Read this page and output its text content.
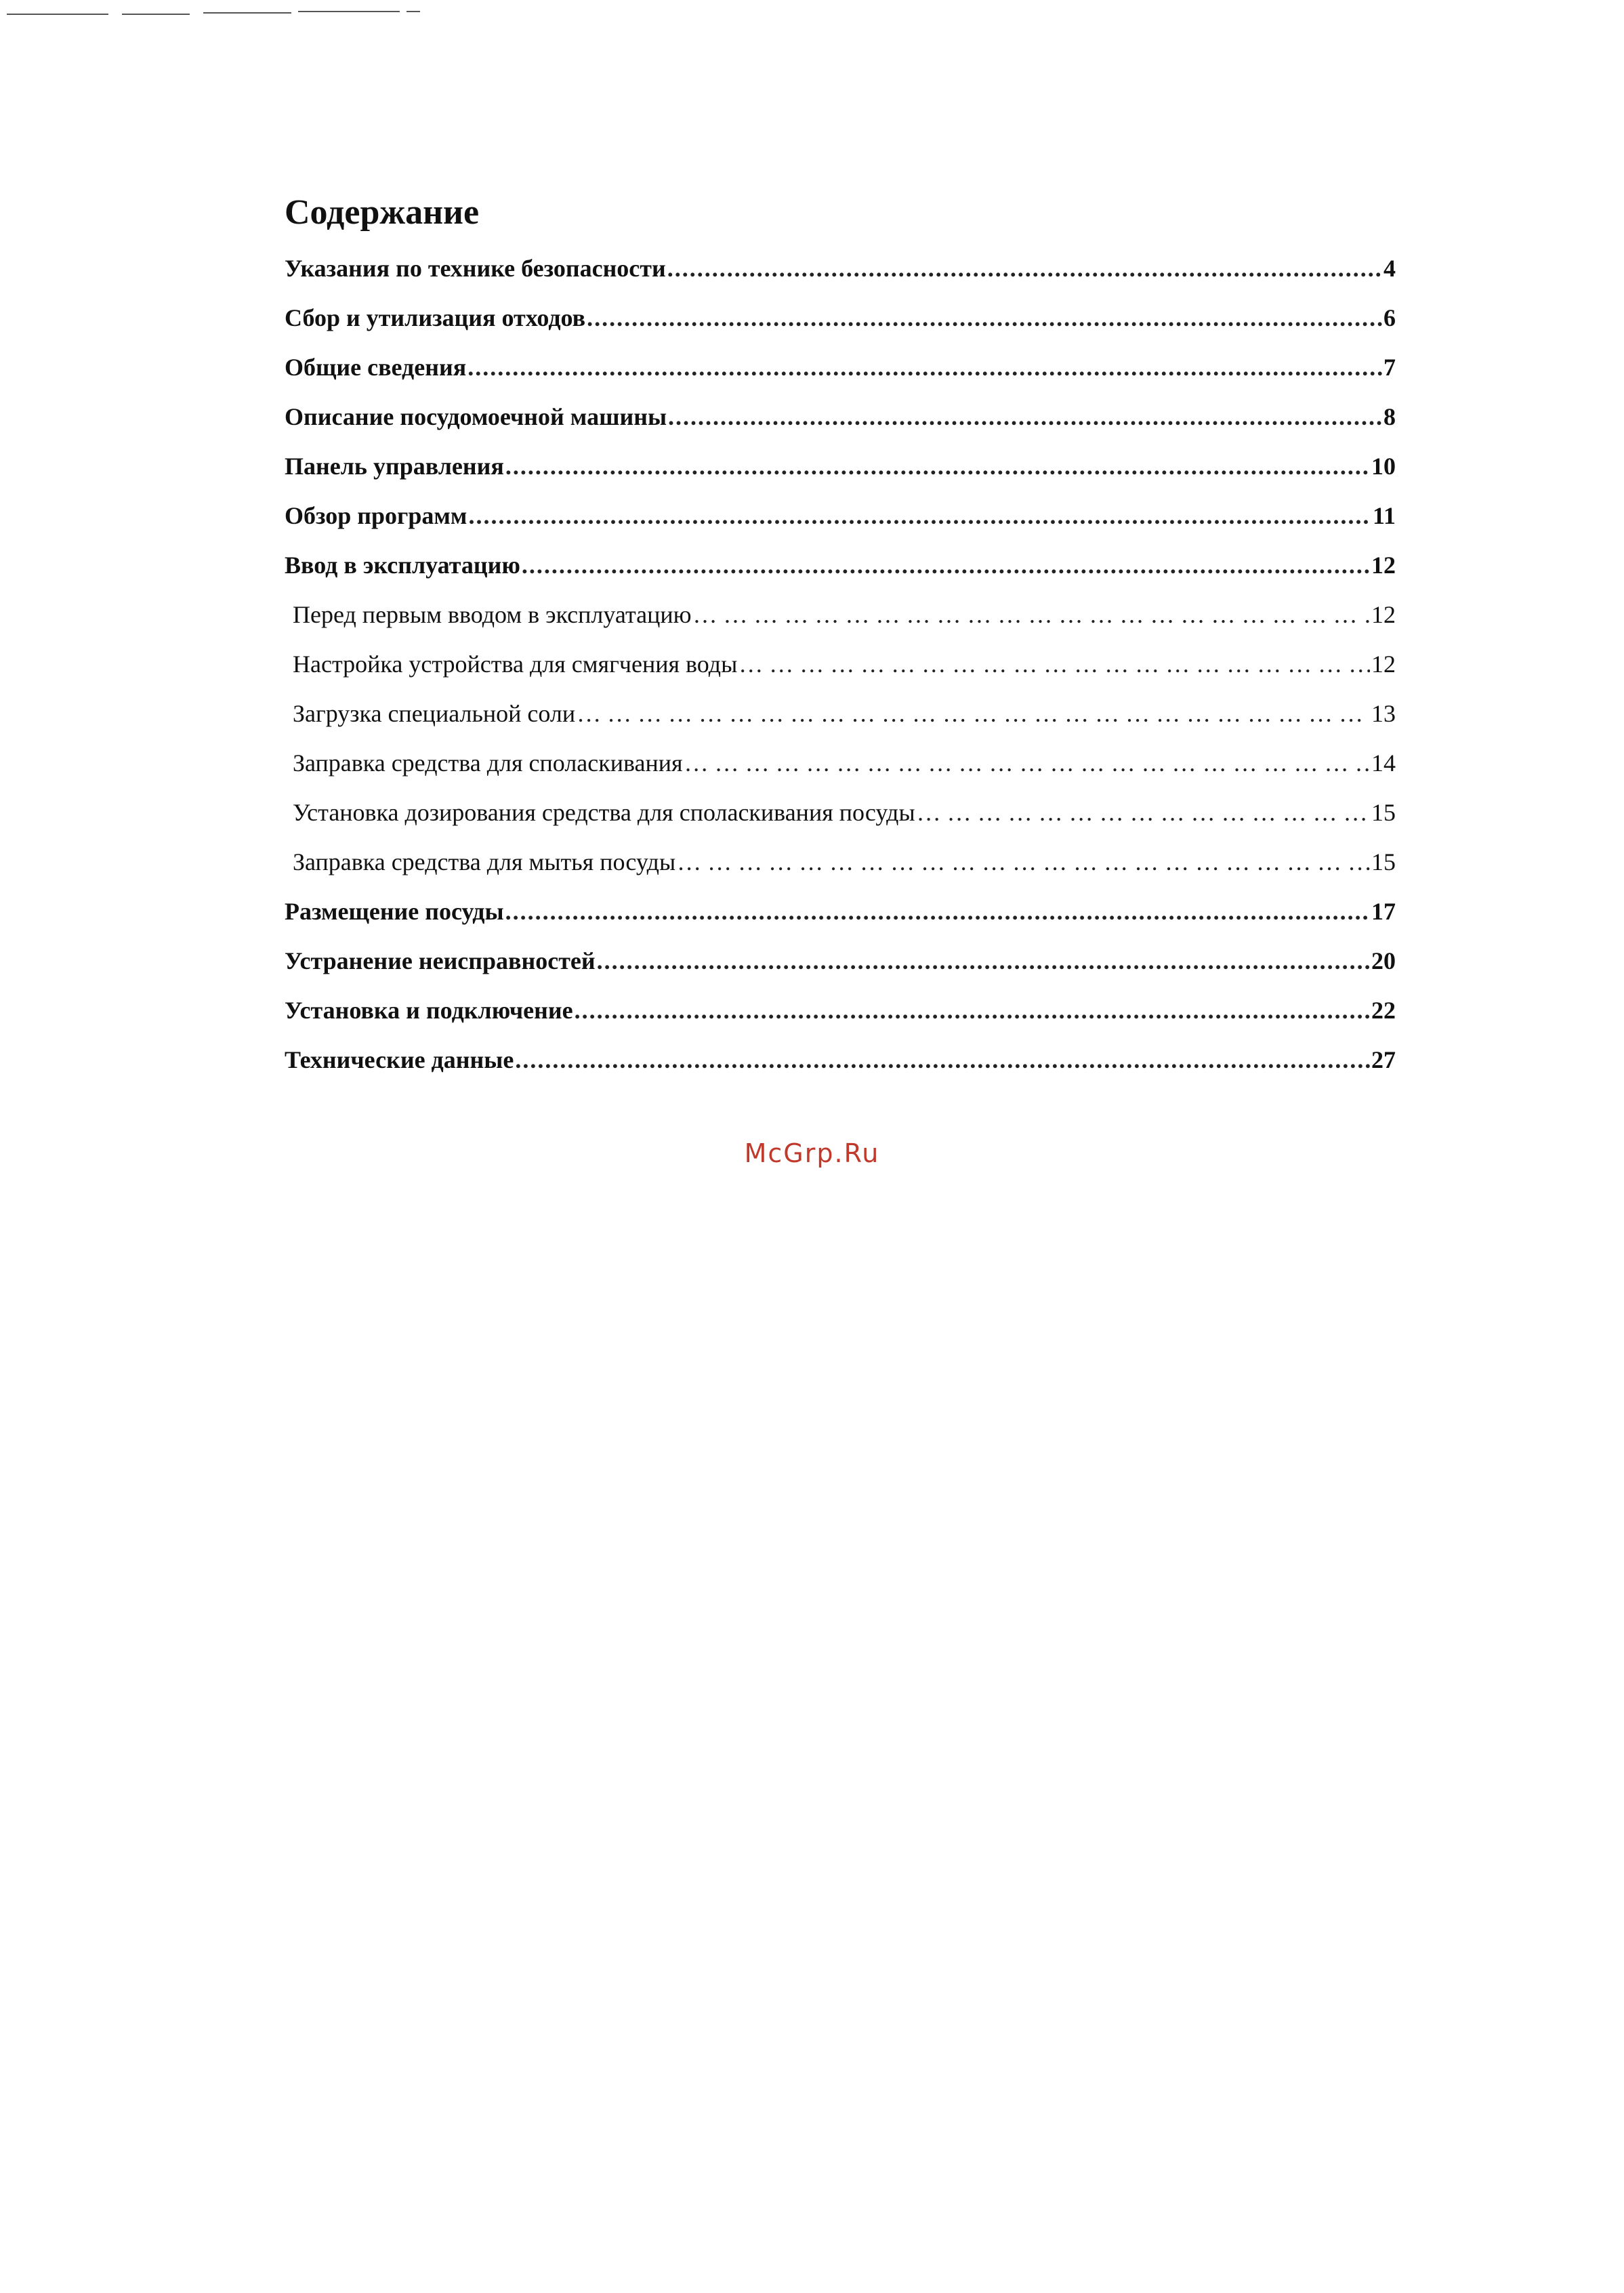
Содержание
Указания по технике безопасности .....	4
Сбор и утилизация отходов .....	6
Общие сведения .....	7
Описание посудомоечной машины .....	8
Панель управления .....	10
Обзор программ .....	11
Ввод в эксплуатацию .....	12
Перед первым вводом в эксплуатацию … … … … … … … … … … … … … … … … … … … … … … … … … … … … … … … … … … … … … … … … … … … … … … … … … … … … … … … … … … … … … … … … … … … … … … … … … … …	12
Настройка устройства для смягчения воды … … … … … … … … … … … … … … … … … … … … … … … … … … … … … … … … … … … … … … … … … … … … … … … … … … … … … … … … … … … … … … … … … … … … … … … … … … …	12
Загрузка специальной соли … … … … … … … … … … … … … … … … … … … … … … … … … … … … … … … … … … … … … … … … … … … … … … … … … … … … … … … … … … … … … … … … … … … … … … … … … … …	13
Заправка средства для споласкивания … … … … … … … … … … … … … … … … … … … … … … … … … … … … … … … … … … … … … … … … … … … … … … … … … … … … … … … … … … … … … … … … … … … … … … … … … … …	14
Установка дозирования средства для споласкивания посуды … … … … … … … … … … … … … … … … … … … … … … … … … … … … … … … … … … … … … … … … … … … … … … … … … … … … … … … … … … … … … … … … … … … … … … … … … … …	15
Заправка средства для мытья посуды … … … … … … … … … … … … … … … … … … … … … … … … … … … … … … … … … … … … … … … … … … … … … … … … … … … … … … … … … … … … … … … … … … … … … … … … … … …	15
Размещение посуды .....	17
Устранение неисправностей .....	20
Установка и подключение .....	22
Технические данные .....	27
McGrp.Ru
